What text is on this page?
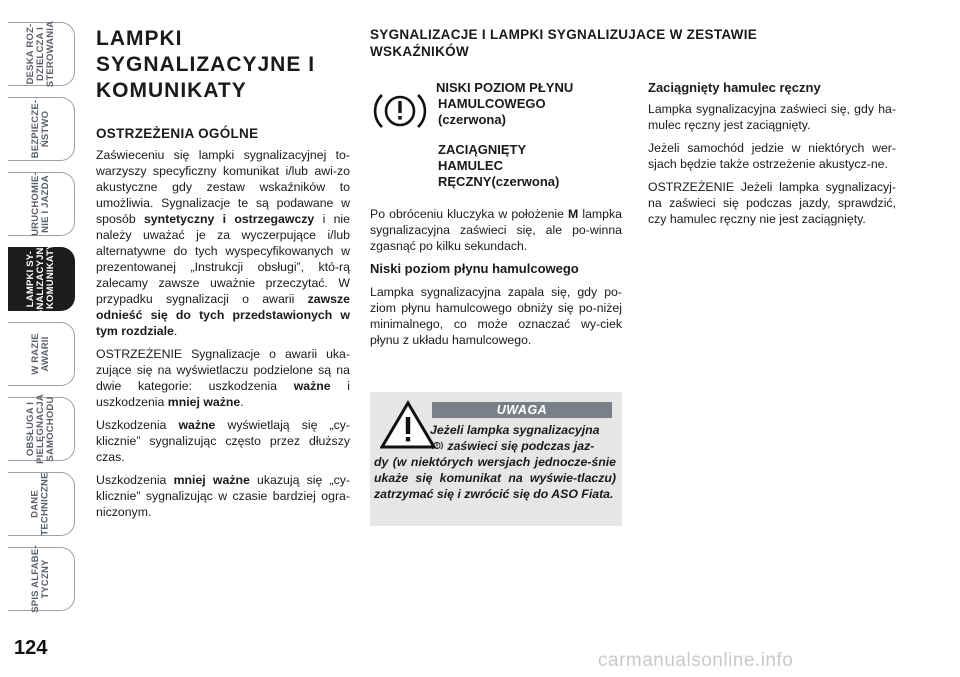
DESKA ROZ-
DZIELCZA I
STEROWANIA
BEZPIECZE-
ŃSTWO
URUCHOMIE-
NIE I JAZDA
LAMPKI SY-
GNALIZACYJNE
I KOMUNIKATY
W RAZIE
AWARII
OBSŁUGA I
PIELĘGNACJA
SAMOCHODU
DANE
TECHNICZNE
SPIS ALFABE-
TYCZNY
124
LAMPKI SYGNALIZACYJNE I KOMUNIKATY
OSTRZEŻENIA OGÓLNE

Zaświeceniu się lampki sygnalizacyjnej to-warzyszy specyficzny komunikat i/lub awi-zo akustyczne gdy zestaw wskaźników to umożliwia. Sygnalizacje te są podawane w sposób syntetyczny i ostrzegawczy i nie należy uważać je za wyczerpujące i/lub alternatywne do tych wyspecyfikowanych w prezentowanej „Instrukcji obsługi”, któ-rą zalecamy zawsze uważnie przeczytać. W przypadku sygnalizacji o awarii zawsze odnieść się do tych przedstawionych w tym rozdziale.

OSTRZEŻENIE Sygnalizacje o awarii uka-zujące się na wyświetlaczu podzielone są na dwie kategorie: uszkodzenia ważne i uszkodzenia mniej ważne.

Uszkodzenia ważne wyświetlają się „cy-klicznie” sygnalizując często przez dłuższy czas.

Uszkodzenia mniej ważne ukazują się „cy-klicznie” sygnalizując w czasie bardziej ogra-niczonym.

SYGNALIZACJE I LAMPKI SYGNALIZUJACE W ZESTAWIE WSKAŹNIKÓW
NISKI POZIOM PŁYNU
HAMULCOWEGO
(czerwona)
ZACIĄGNIĘTY
HAMULEC
RĘCZNY(czerwona)

Po obróceniu kluczyka w położenie M lampka sygnalizacyjna zaświeci się, ale po-winna zgasnąć po kilku sekundach.

Niski poziom płynu hamulcowego

Lampka sygnalizacyjna zapala się, gdy po-ziom płynu hamulcowego obniży się po-niżej minimalnego, co może oznaczać wy-ciek płynu z układu hamulcowego.

UWAGA
Jeżeli lampka sygnalizacyjna
zaświeci się podczas jaz-
dy (w niektórych wersjach jednocze-śnie ukaże się komunikat na wyświe-tlaczu) zatrzymać się i zwrócić się do ASO Fiata.
Zaciągnięty hamulec ręczny

Lampka sygnalizacyjna zaświeci się, gdy ha-mulec ręczny jest zaciągnięty.

Jeżeli samochód jedzie w niektórych wer-sjach będzie także ostrzeżenie akustycz-ne.

OSTRZEŻENIE Jeżeli lampka sygnalizacyj-na zaświeci się podczas jazdy, sprawdzić, czy hamulec ręczny nie jest zaciągnięty.

carmanualsonline.info
